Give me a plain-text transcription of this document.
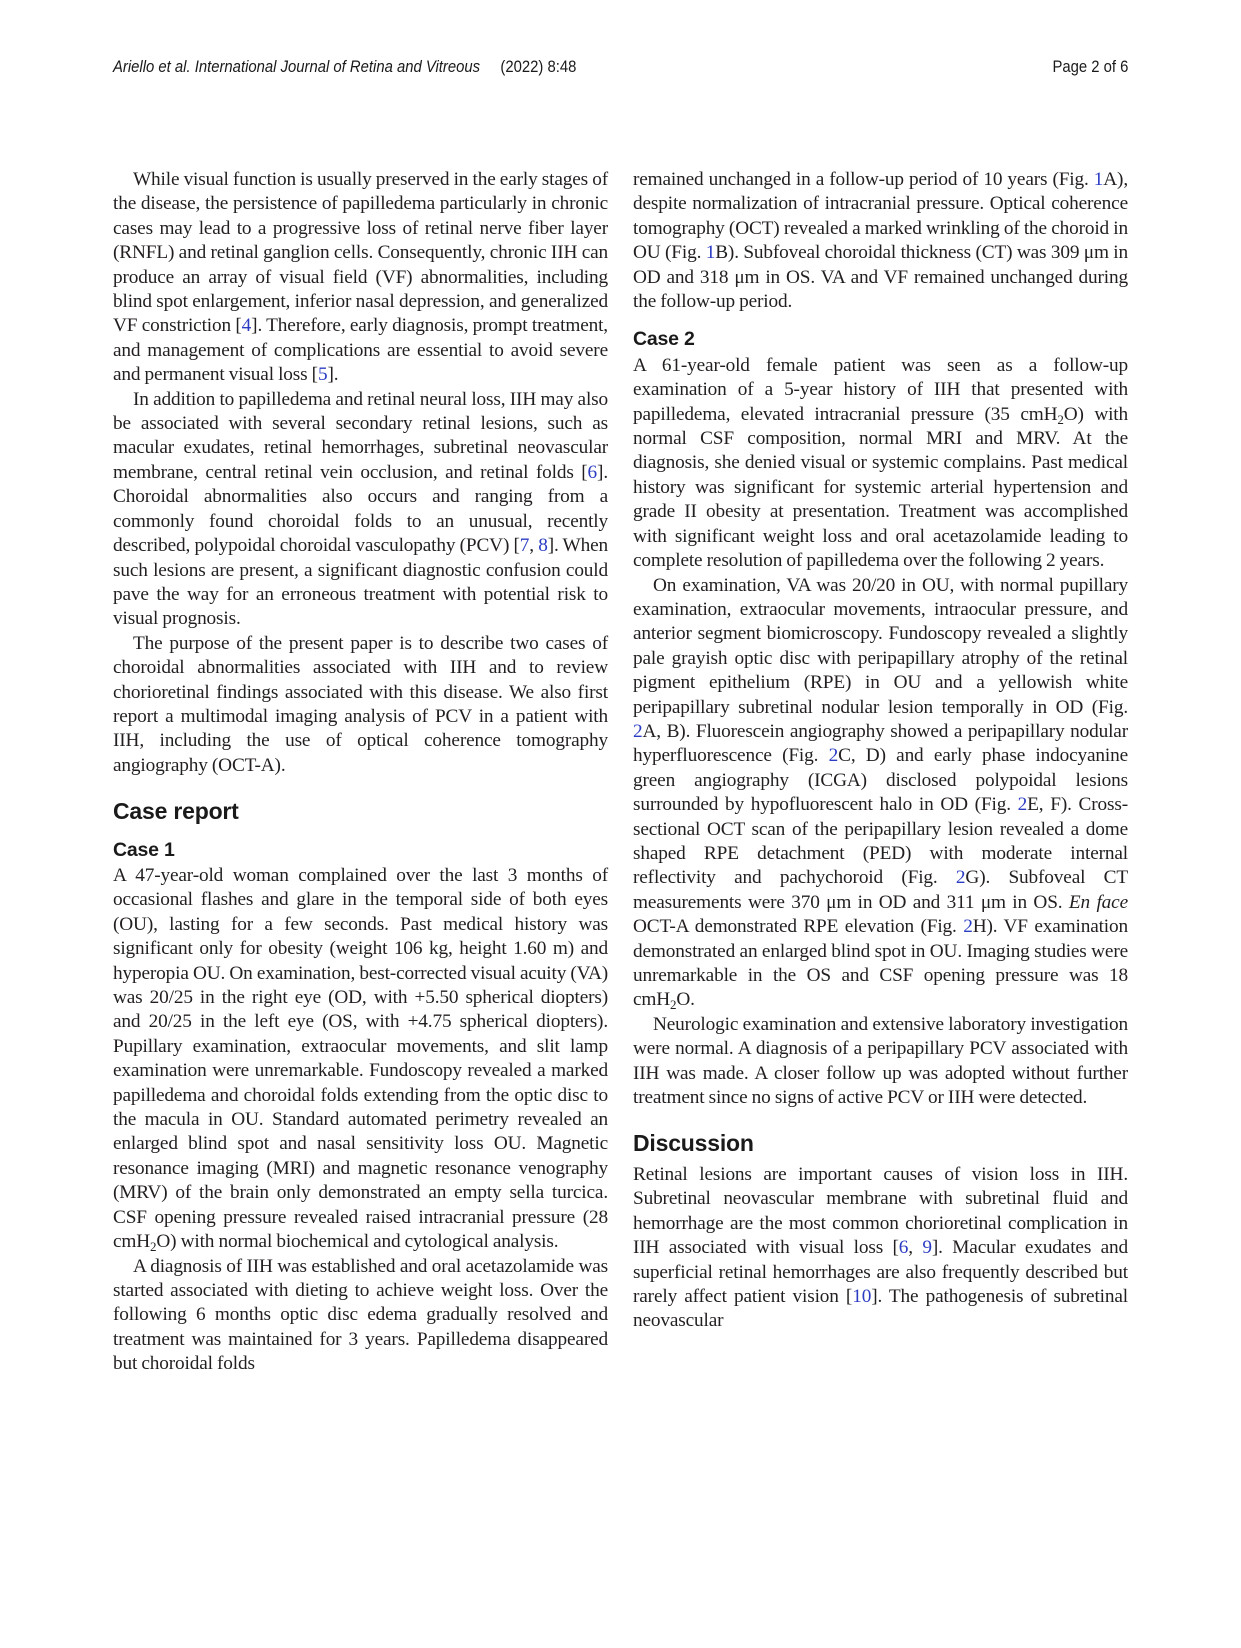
Ariello et al. International Journal of Retina and Vitreous (2022) 8:48	Page 2 of 6

While visual function is usually preserved in the early stages of the disease, the persistence of papilledema particularly in chronic cases may lead to a progressive loss of retinal nerve fiber layer (RNFL) and retinal ganglion cells. Consequently, chronic IIH can produce an array of visual field (VF) abnormalities, including blind spot enlargement, inferior nasal depression, and generalized VF constriction [4]. Therefore, early diagnosis, prompt treatment, and management of complications are essential to avoid severe and permanent visual loss [5].

In addition to papilledema and retinal neural loss, IIH may also be associated with several secondary retinal lesions, such as macular exudates, retinal hemorrhages, subretinal neovascular membrane, central retinal vein occlusion, and retinal folds [6]. Choroidal abnormalities also occurs and ranging from a commonly found choroidal folds to an unusual, recently described, polypoidal choroidal vasculopathy (PCV) [7, 8]. When such lesions are present, a significant diagnostic confusion could pave the way for an erroneous treatment with potential risk to visual prognosis.

The purpose of the present paper is to describe two cases of choroidal abnormalities associated with IIH and to review chorioretinal findings associated with this disease. We also first report a multimodal imaging analysis of PCV in a patient with IIH, including the use of optical coherence tomography angiography (OCT-A).

Case report
Case 1

A 47-year-old woman complained over the last 3 months of occasional flashes and glare in the temporal side of both eyes (OU), lasting for a few seconds. Past medical history was significant only for obesity (weight 106 kg, height 1.60 m) and hyperopia OU. On examination, best-corrected visual acuity (VA) was 20/25 in the right eye (OD, with +5.50 spherical diopters) and 20/25 in the left eye (OS, with +4.75 spherical diopters). Pupillary examination, extraocular movements, and slit lamp examination were unremarkable. Fundoscopy revealed a marked papilledema and choroidal folds extending from the optic disc to the macula in OU. Standard automated perimetry revealed an enlarged blind spot and nasal sensitivity loss OU. Magnetic resonance imaging (MRI) and magnetic resonance venography (MRV) of the brain only demonstrated an empty sella turcica. CSF opening pressure revealed raised intracranial pressure (28 cmH$_2$O) with normal biochemical and cytological analysis.

A diagnosis of IIH was established and oral acetazolamide was started associated with dieting to achieve weight loss. Over the following 6 months optic disc edema gradually resolved and treatment was maintained for 3 years. Papilledema disappeared but choroidal folds

remained unchanged in a follow-up period of 10 years (Fig. 1A), despite normalization of intracranial pressure. Optical coherence tomography (OCT) revealed a marked wrinkling of the choroid in OU (Fig. 1B). Subfoveal choroidal thickness (CT) was 309 μm in OD and 318 μm in OS. VA and VF remained unchanged during the follow-up period.

Case 2

A 61-year-old female patient was seen as a follow-up examination of a 5-year history of IIH that presented with papilledema, elevated intracranial pressure (35 cmH$_2$O) with normal CSF composition, normal MRI and MRV. At the diagnosis, she denied visual or systemic complains. Past medical history was significant for systemic arterial hypertension and grade II obesity at presentation. Treatment was accomplished with significant weight loss and oral acetazolamide leading to complete resolution of papilledema over the following 2 years.

On examination, VA was 20/20 in OU, with normal pupillary examination, extraocular movements, intraocular pressure, and anterior segment biomicroscopy. Fundoscopy revealed a slightly pale grayish optic disc with peripapillary atrophy of the retinal pigment epithelium (RPE) in OU and a yellowish white peripapillary subretinal nodular lesion temporally in OD (Fig. 2A, B). Fluorescein angiography showed a peripapillary nodular hyperfluorescence (Fig. 2C, D) and early phase indocyanine green angiography (ICGA) disclosed polypoidal lesions surrounded by hypofluorescent halo in OD (Fig. 2E, F). Cross-sectional OCT scan of the peripapillary lesion revealed a dome shaped RPE detachment (PED) with moderate internal reflectivity and pachychoroid (Fig. 2G). Subfoveal CT measurements were 370 μm in OD and 311 μm in OS. En face OCT-A demonstrated RPE elevation (Fig. 2H). VF examination demonstrated an enlarged blind spot in OU. Imaging studies were unremarkable in the OS and CSF opening pressure was 18 cmH$_2$O.

Neurologic examination and extensive laboratory investigation were normal. A diagnosis of a peripapillary PCV associated with IIH was made. A closer follow up was adopted without further treatment since no signs of active PCV or IIH were detected.

Discussion

Retinal lesions are important causes of vision loss in IIH. Subretinal neovascular membrane with subretinal fluid and hemorrhage are the most common chorioretinal complication in IIH associated with visual loss [6, 9]. Macular exudates and superficial retinal hemorrhages are also frequently described but rarely affect patient vision [10]. The pathogenesis of subretinal neovascular
